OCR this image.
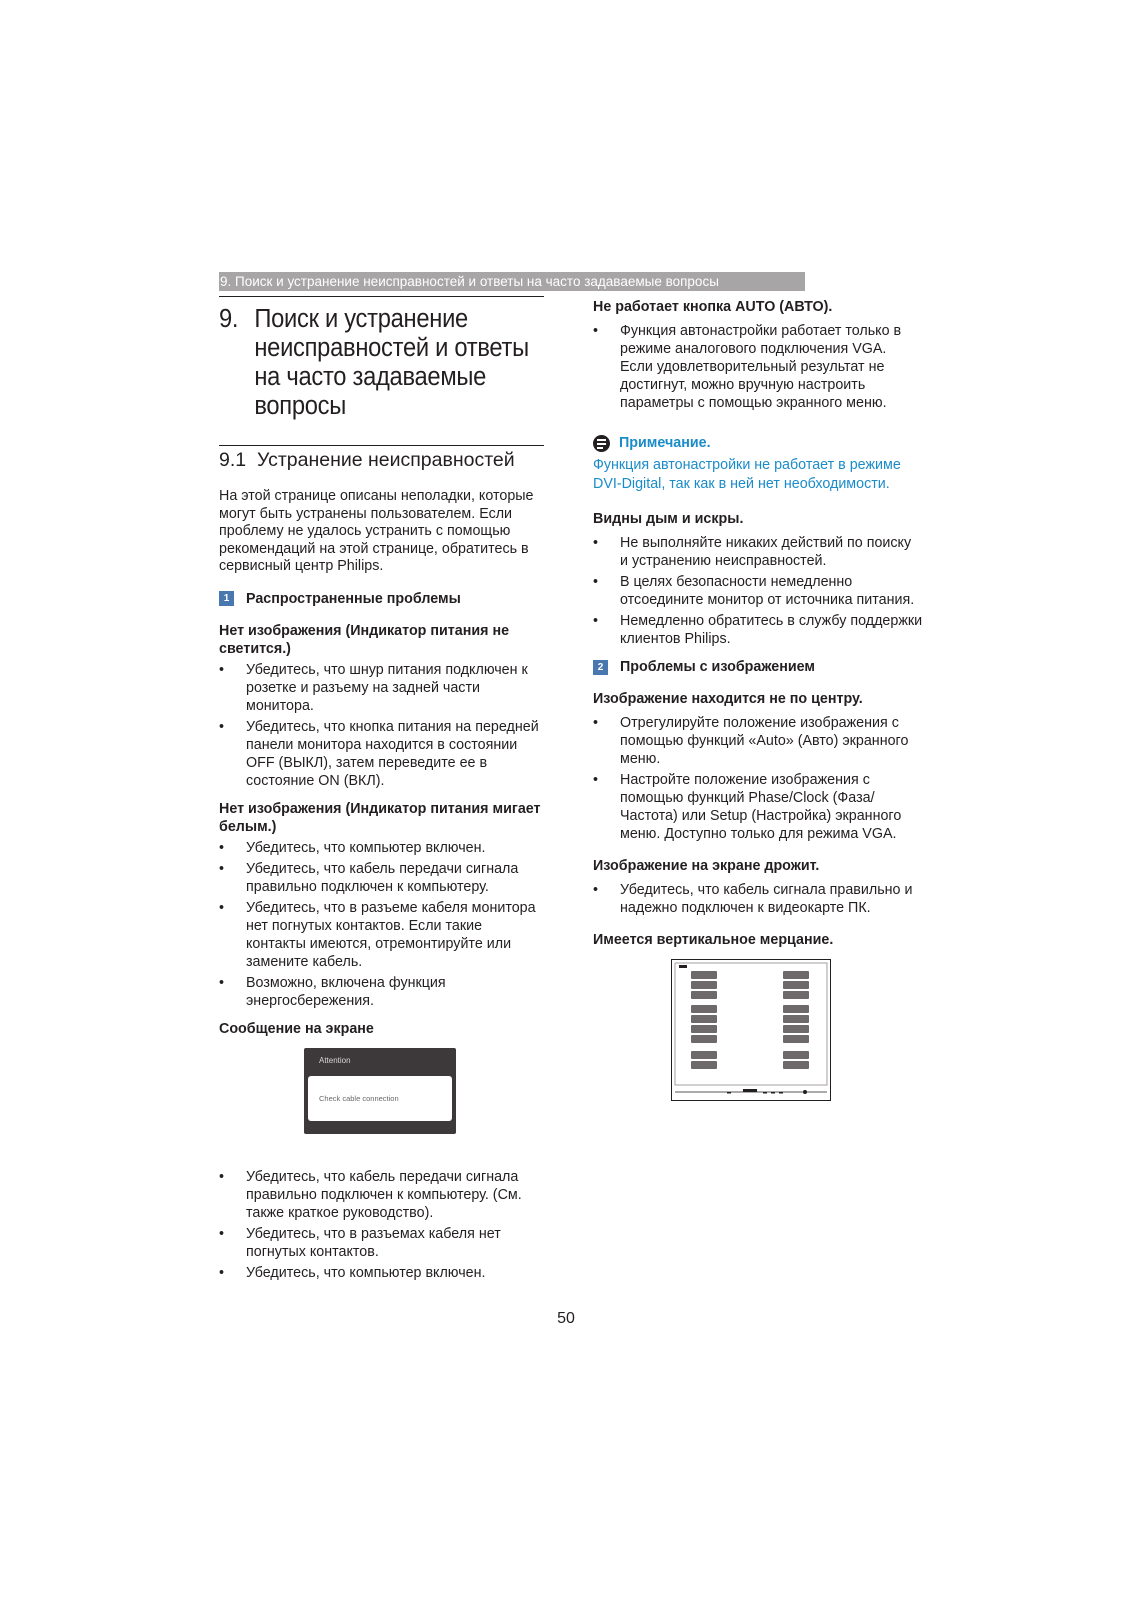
9. Поиск и устранение неисправностей и ответы на часто задаваемые вопросы
9. Поиск и устранение неисправностей и ответы на часто задаваемые вопросы
9.1 Устранение неисправностей

На этой странице описаны неполадки, которые могут быть устранены пользователем. Если проблему не удалось устранить с помощью рекомендаций на этой странице, обратитесь в сервисный центр Philips.

1	Распространенные проблемы
Нет изображения (Индикатор питания не светится.)
• Убедитесь, что шнур питания подключен к розетке и разъему на задней части монитора.
• Убедитесь, что кнопка питания на передней панели монитора находится в состоянии OFF (ВЫКЛ), затем переведите ее в состояние ON (ВКЛ).
Нет изображения (Индикатор питания мигает белым.)
• Убедитесь, что компьютер включен.
• Убедитесь, что кабель передачи сигнала правильно подключен к компьютеру.
• Убедитесь, что в разъеме кабеля монитора нет погнутых контактов. Если такие контакты имеются, отремонтируйте или замените кабель.
• Возможно, включена функция энергосбережения.
Сообщение на экране
Attention
Check cable connection
• Убедитесь, что кабель передачи сигнала правильно подключен к компьютеру. (См. также краткое руководство).
• Убедитесь, что в разъемах кабеля нет погнутых контактов.
• Убедитесь, что компьютер включен.
Не работает кнопка AUTO (АВТО).
• Функция автонастройки работает только в режиме аналогового подключения VGA. Если удовлетворительный результат не достигнут, можно вручную настроить параметры с помощью экранного меню.
Примечание.

Функция автонастройки не работает в режиме DVI-Digital, так как в ней нет необходимости.

Видны дым и искры.
• Не выполняйте никаких действий по поиску и устранению неисправностей.
• В целях безопасности немедленно отсоедините монитор от источника питания.
• Немедленно обратитесь в службу поддержки клиентов Philips.
2	Проблемы с изображением
Изображение находится не по центру.
• Отрегулируйте положение изображения с помощью функций «Auto» (Авто) экранного меню.
• Настройте положение изображения с помощью функций Phase/Clock (Фаза/Частота) или Setup (Настройка) экранного меню. Доступно только для режима VGA.
Изображение на экране дрожит.
• Убедитесь, что кабель сигнала правильно и надежно подключен к видеокарте ПК.
Имеется вертикальное мерцание.
50
